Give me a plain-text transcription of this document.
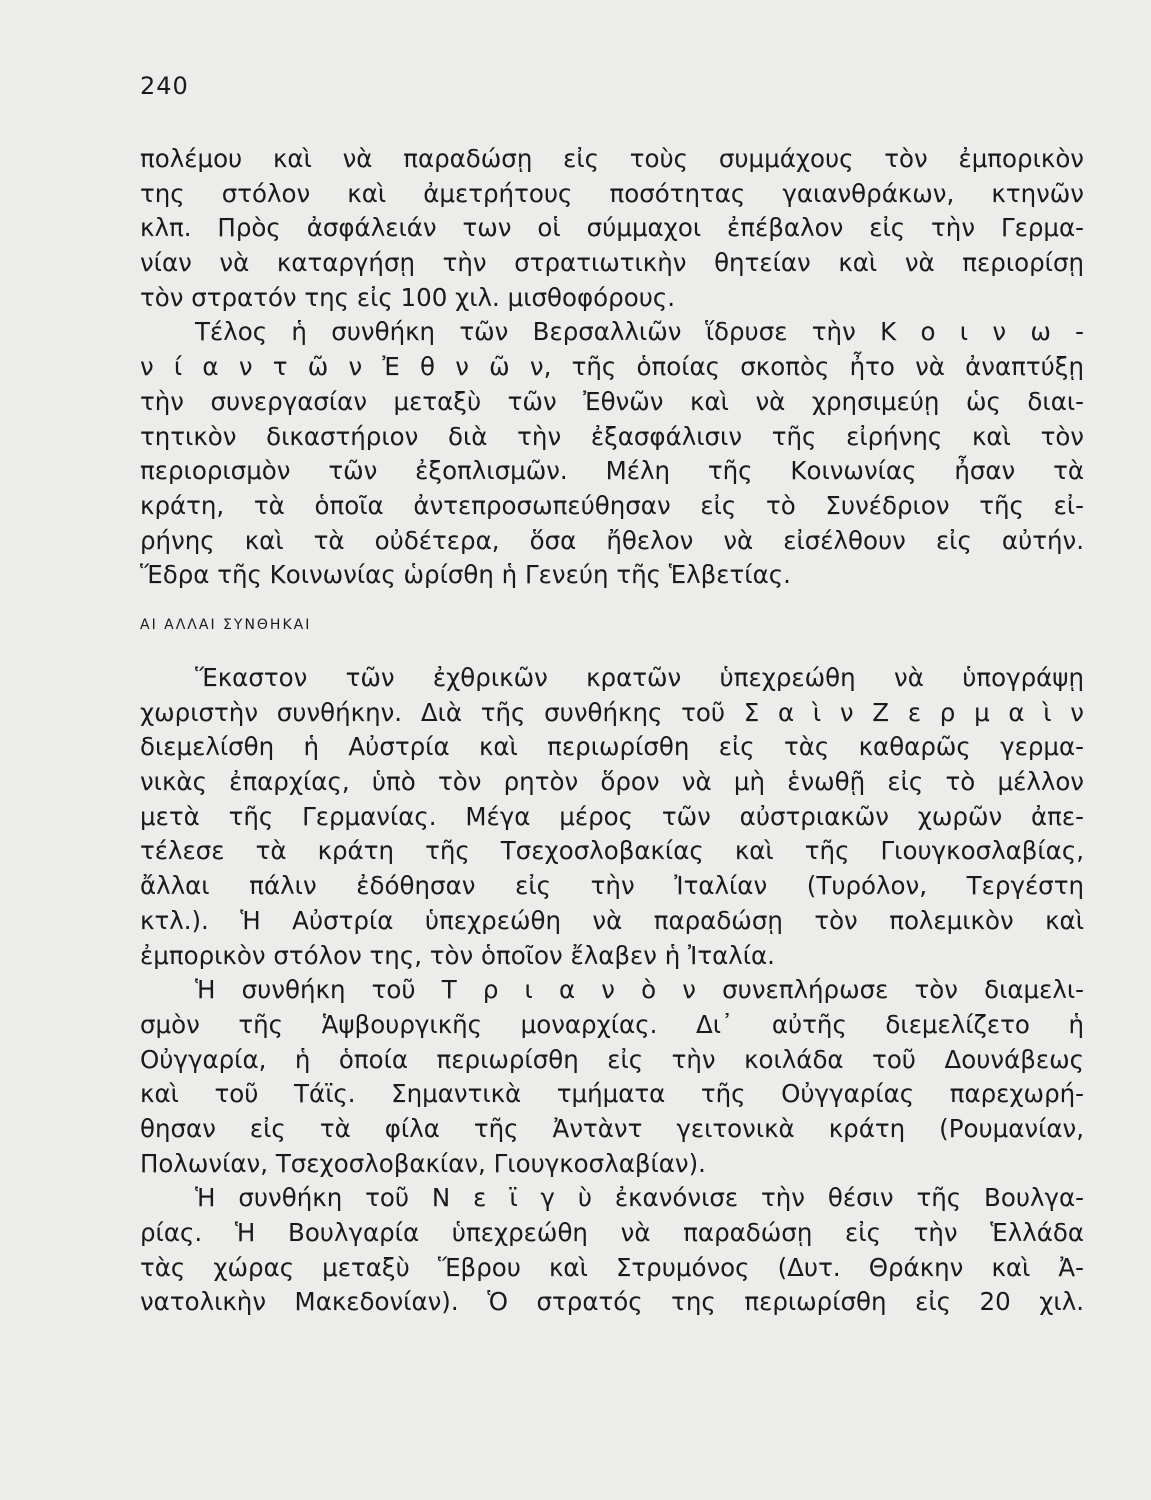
240
πολέμου καὶ νὰ παραδώσῃ εἰς τοὺς συμμάχους τὸν ἐμπορικὸν
της στόλον καὶ ἀμετρήτους ποσότητας γαιανθράκων, κτηνῶν
κλπ. Πρὸς ἀσφάλειάν των οἱ σύμμαχοι ἐπέβαλον εἰς τὴν Γερμα-
νίαν νὰ καταργήσῃ τὴν στρατιωτικὴν θητείαν καὶ νὰ περιορίσῃ
τὸν στρατόν της εἰς 100 χιλ. μισθοφόρους.
Τέλος ἡ συνθήκη τῶν Βερσαλλιῶν ἵδρυσε τὴν Κ ο ι ν ω -
ν ί α ν τ ῶ ν Ἐ θ ν ῶ ν, τῆς ὁποίας σκοπὸς ἦτο νὰ ἀναπτύξῃ
τὴν συνεργασίαν μεταξὺ τῶν Ἐθνῶν καὶ νὰ χρησιμεύῃ ὡς διαι-
τητικὸν δικαστήριον διὰ τὴν ἐξασφάλισιν τῆς εἰρήνης καὶ τὸν
περιορισμὸν τῶν ἐξοπλισμῶν. Μέλη τῆς Κοινωνίας ἦσαν τὰ
κράτη, τὰ ὁποῖα ἀντεπροσωπεύθησαν εἰς τὸ Συνέδριον τῆς εἰ-
ρήνης καὶ τὰ οὐδέτερα, ὅσα ἤθελον νὰ εἰσέλθουν εἰς αὐτήν.
Ἕδρα τῆς Κοινωνίας ὡρίσθη ἡ Γενεύη τῆς Ἑλβετίας.
ΑΙ ΑΛΛΑΙ ΣΥΝΘΗΚΑΙ
Ἕκαστον τῶν ἐχθρικῶν κρατῶν ὑπεχρεώθη νὰ ὑπογράψῃ
χωριστὴν συνθήκην. Διὰ τῆς συνθήκης τοῦ Σ α ὶ ν Ζ ε ρ μ α ὶ ν
διεμελίσθη ἡ Αὐστρία καὶ περιωρίσθη εἰς τὰς καθαρῶς γερμα-
νικὰς ἐπαρχίας, ὑπὸ τὸν ρητὸν ὅρον νὰ μὴ ἑνωθῇ εἰς τὸ μέλλον
μετὰ τῆς Γερμανίας. Μέγα μέρος τῶν αὐστριακῶν χωρῶν ἀπε-
τέλεσε τὰ κράτη τῆς Τσεχοσλοβακίας καὶ τῆς Γιουγκοσλαβίας,
ἄλλαι πάλιν ἐδόθησαν εἰς τὴν Ἰταλίαν (Τυρόλον, Τεργέστη
κτλ.). Ἡ Αὐστρία ὑπεχρεώθη νὰ παραδώσῃ τὸν πολεμικὸν καὶ
ἐμπορικὸν στόλον της, τὸν ὁποῖον ἔλαβεν ἡ Ἰταλία.
Ἡ συνθήκη τοῦ Τ ρ ι α ν ὸ ν συνεπλήρωσε τὸν διαμελι-
σμὸν τῆς Ἁψβουργικῆς μοναρχίας. Δι᾽ αὐτῆς διεμελίζετο ἡ
Οὐγγαρία, ἡ ὁποία περιωρίσθη εἰς τὴν κοιλάδα τοῦ Δουνάβεως
καὶ τοῦ Τάϊς. Σημαντικὰ τμήματα τῆς Οὐγγαρίας παρεχωρή-
θησαν εἰς τὰ φίλα τῆς Ἀντὰντ γειτονικὰ κράτη (Ρουμανίαν,
Πολωνίαν, Τσεχοσλοβακίαν, Γιουγκοσλαβίαν).
Ἡ συνθήκη τοῦ Ν ε ϊ γ ὺ ἐκανόνισε τὴν θέσιν τῆς Βουλγα-
ρίας. Ἡ Βουλγαρία ὑπεχρεώθη νὰ παραδώσῃ εἰς τὴν Ἑλλάδα
τὰς χώρας μεταξὺ Ἕβρου καὶ Στρυμόνος (Δυτ. Θράκην καὶ Ἀ-
νατολικὴν Μακεδονίαν). Ὁ στρατός της περιωρίσθη εἰς 20 χιλ.
